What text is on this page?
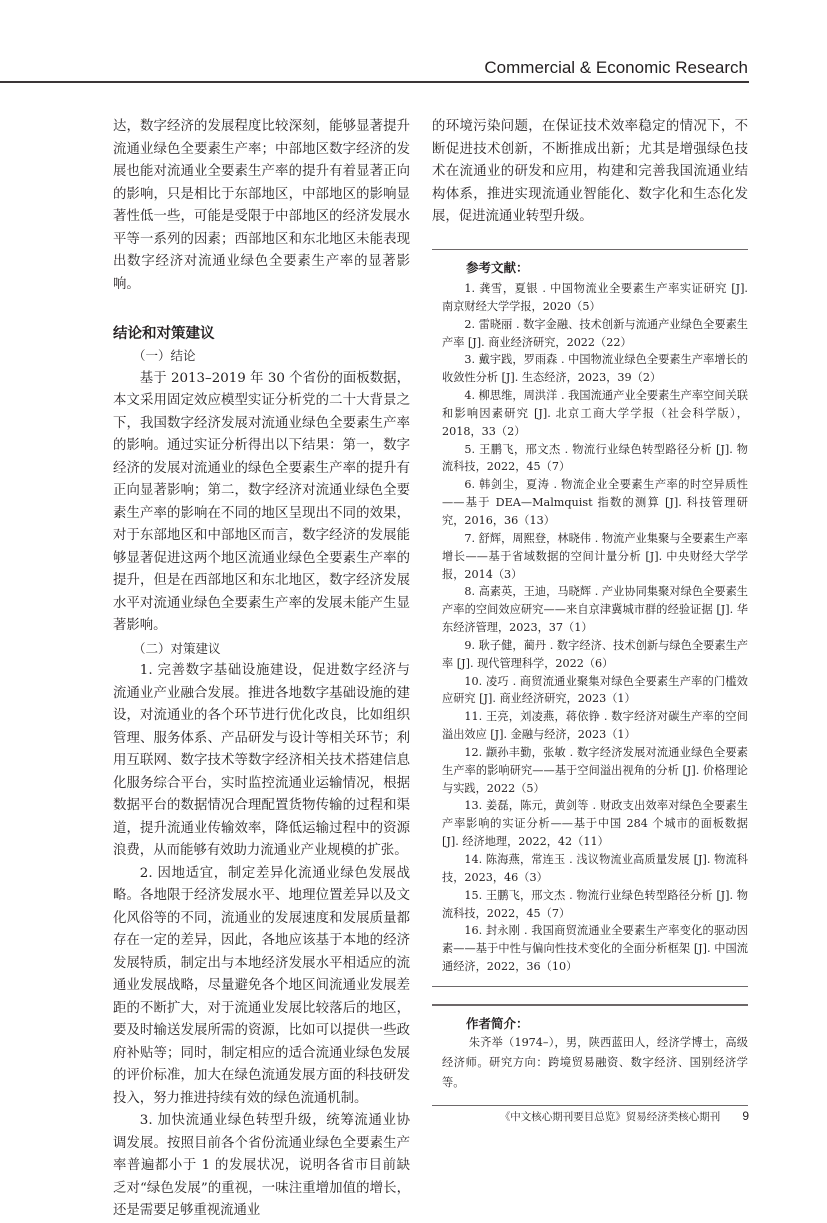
Commercial & Economic Research

达，数字经济的发展程度比较深刻，能够显著提升流通业绿色全要素生产率；中部地区数字经济的发展也能对流通业全要素生产率的提升有着显著正向的影响，只是相比于东部地区，中部地区的影响显著性低一些，可能是受限于中部地区的经济发展水平等一系列的因素；西部地区和东北地区未能表现出数字经济对流通业绿色全要素生产率的显著影响。

结论和对策建议
（一）结论

基于 2013–2019 年 30 个省份的面板数据，本文采用固定效应模型实证分析党的二十大背景之下，我国数字经济发展对流通业绿色全要素生产率的影响。通过实证分析得出以下结果：第一，数字经济的发展对流通业的绿色全要素生产率的提升有正向显著影响；第二，数字经济对流通业绿色全要素生产率的影响在不同的地区呈现出不同的效果，对于东部地区和中部地区而言，数字经济的发展能够显著促进这两个地区流通业绿色全要素生产率的提升，但是在西部地区和东北地区，数字经济发展水平对流通业绿色全要素生产率的发展未能产生显著影响。

（二）对策建议

1. 完善数字基础设施建设，促进数字经济与流通业产业融合发展。推进各地数字基础设施的建设，对流通业的各个环节进行优化改良，比如组织管理、服务体系、产品研发与设计等相关环节；利用互联网、数字技术等数字经济相关技术搭建信息化服务综合平台，实时监控流通业运输情况，根据数据平台的数据情况合理配置货物传输的过程和渠道，提升流通业传输效率，降低运输过程中的资源浪费，从而能够有效助力流通业产业规模的扩张。

2. 因地适宜，制定差异化流通业绿色发展战略。各地限于经济发展水平、地理位置差异以及文化风俗等的不同，流通业的发展速度和发展质量都存在一定的差异，因此，各地应该基于本地的经济发展特质，制定出与本地经济发展水平相适应的流通业发展战略，尽量避免各个地区间流通业发展差距的不断扩大，对于流通业发展比较落后的地区，要及时输送发展所需的资源，比如可以提供一些政府补贴等；同时，制定相应的适合流通业绿色发展的评价标准，加大在绿色流通发展方面的科技研发投入，努力推进持续有效的绿色流通机制。

3. 加快流通业绿色转型升级，统筹流通业协调发展。按照目前各个省份流通业绿色全要素生产率普遍都小于 1 的发展状况，说明各省市目前缺乏对“绿色发展”的重视，一味注重增加值的增长，还是需要足够重视流通业

的环境污染问题，在保证技术效率稳定的情况下，不断促进技术创新，不断推成出新；尤其是增强绿色技术在流通业的研发和应用，构建和完善我国流通业结构体系，推进实现流通业智能化、数字化和生态化发展，促进流通业转型升级。
参考文献：

1. 龚雪，夏银 . 中国物流业全要素生产率实证研究 [J]. 南京财经大学学报，2020（5）

2. 雷晓丽 . 数字金融、技术创新与流通产业绿色全要素生产率 [J]. 商业经济研究，2022（22）

3. 戴宇践，罗雨森 . 中国物流业绿色全要素生产率增长的收敛性分析 [J]. 生态经济，2023，39（2）

4. 柳思维，周洪洋 . 我国流通产业全要素生产率空间关联和影响因素研究 [J]. 北京工商大学学报（社会科学版），2018，33（2）

5. 王鹏飞，邢文杰 . 物流行业绿色转型路径分析 [J]. 物流科技，2022，45（7）

6. 韩剑尘，夏涛 . 物流企业全要素生产率的时空异质性——基于 DEA—Malmquist 指数的测算 [J]. 科技管理研究，2016，36（13）

7. 舒辉，周熙登，林晓伟 . 物流产业集聚与全要素生产率增长——基于省域数据的空间计量分析 [J]. 中央财经大学学报，2014（3）

8. 高素英，王迪，马晓辉 . 产业协同集聚对绿色全要素生产率的空间效应研究——来自京津冀城市群的经验证据 [J]. 华东经济管理，2023，37（1）

9. 耿子健，蔺丹 . 数字经济、技术创新与绿色全要素生产率 [J]. 现代管理科学，2022（6）

10. 凌巧 . 商贸流通业聚集对绿色全要素生产率的门槛效应研究 [J]. 商业经济研究，2023（1）

11. 王亮，刘凌燕，蒋依铮 . 数字经济对碳生产率的空间溢出效应 [J]. 金融与经济，2023（1）

12. 颛孙丰勤，张敏 . 数字经济发展对流通业绿色全要素生产率的影响研究——基于空间溢出视角的分析 [J]. 价格理论与实践，2022（5）

13. 姜磊，陈元，黄剑等 . 财政支出效率对绿色全要素生产率影响的实证分析——基于中国 284 个城市的面板数据 [J]. 经济地理，2022，42（11）

14. 陈海燕，常连玉 . 浅议物流业高质量发展 [J]. 物流科技，2023，46（3）

15. 王鹏飞，邢文杰 . 物流行业绿色转型路径分析 [J]. 物流科技，2022，45（7）

16. 封永刚 . 我国商贸流通业全要素生产率变化的驱动因素——基于中性与偏向性技术变化的全面分析框架 [J]. 中国流通经济，2022，36（10）

作者简介：
朱齐举（1974–），男，陕西蓝田人，经济学博士，高级经济师。研究方向：跨境贸易融资、数字经济、国别经济学等。
《中文核心期刊要目总览》贸易经济类核心期刊 9
